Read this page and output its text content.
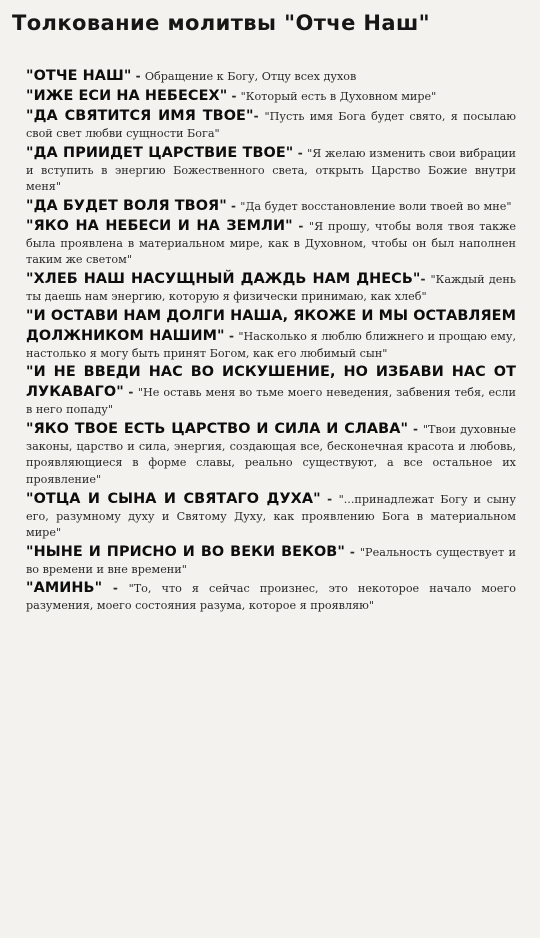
Толкование молитвы "Отче Наш"
"ОТЧЕ НАШ" - Обращение к Богу, Отцу всех духов
"ИЖЕ ЕСИ НА НЕБЕСЕХ" - "Который есть в Духовном мире"
"ДА СВЯТИТСЯ ИМЯ ТВОЕ"- "Пусть имя Бога будет свято, я посылаю свой свет любви сущности Бога"
"ДА ПРИИДЕТ ЦАРСТВИЕ ТВОЕ" - "Я желаю изменить свои вибрации и вступить в энергию Божественного света, открыть Царство Божие внутри меня"
"ДА БУДЕТ ВОЛЯ ТВОЯ" - "Да будет восстановление воли твоей во мне"
"ЯКО НА НЕБЕСИ И НА ЗЕМЛИ" - "Я прошу, чтобы воля твоя также была проявлена в материальном мире, как в Духовном, чтобы он был наполнен таким же светом"
"ХЛЕБ НАШ НАСУЩНЫЙ ДАЖДЬ НАМ ДНЕСЬ"- "Каждый день ты даешь нам энергию, которую я физически принимаю, как хлеб"
"И ОСТАВИ НАМ ДОЛГИ НАША, ЯКОЖЕ И МЫ ОСТАВЛЯЕМ ДОЛЖНИКОМ НАШИМ" - "Насколько я люблю ближнего и прощаю ему, настолько я могу быть принят Богом, как его любимый сын"
"И НЕ ВВЕДИ НАС ВО ИСКУШЕНИЕ, НО ИЗБАВИ НАС ОТ ЛУКАВАГО" - "Не оставь меня во тьме моего неведения, забвения тебя, если в него попаду"
"ЯКО ТВОЕ ЕСТЬ ЦАРСТВО И СИЛА И СЛАВА" - "Твои духовные законы, царство и сила, энергия, создающая все, бесконечная красота и любовь, проявляющиеся в форме славы, реально существуют, а все остальное их проявление"
"ОТЦА И СЫНА И СВЯТАГО ДУХА" - "...принадлежат Богу и сыну его, разумному духу и Святому Духу, как проявлению Бога в материальном мире"
"НЫНЕ И ПРИСНО И ВО ВЕКИ ВЕКОВ" - "Реальность существует и во времени и вне времени"
"АМИНЬ" - "То, что я сейчас произнес, это некоторое начало моего разумения, моего состояния разума, которое я проявляю"
